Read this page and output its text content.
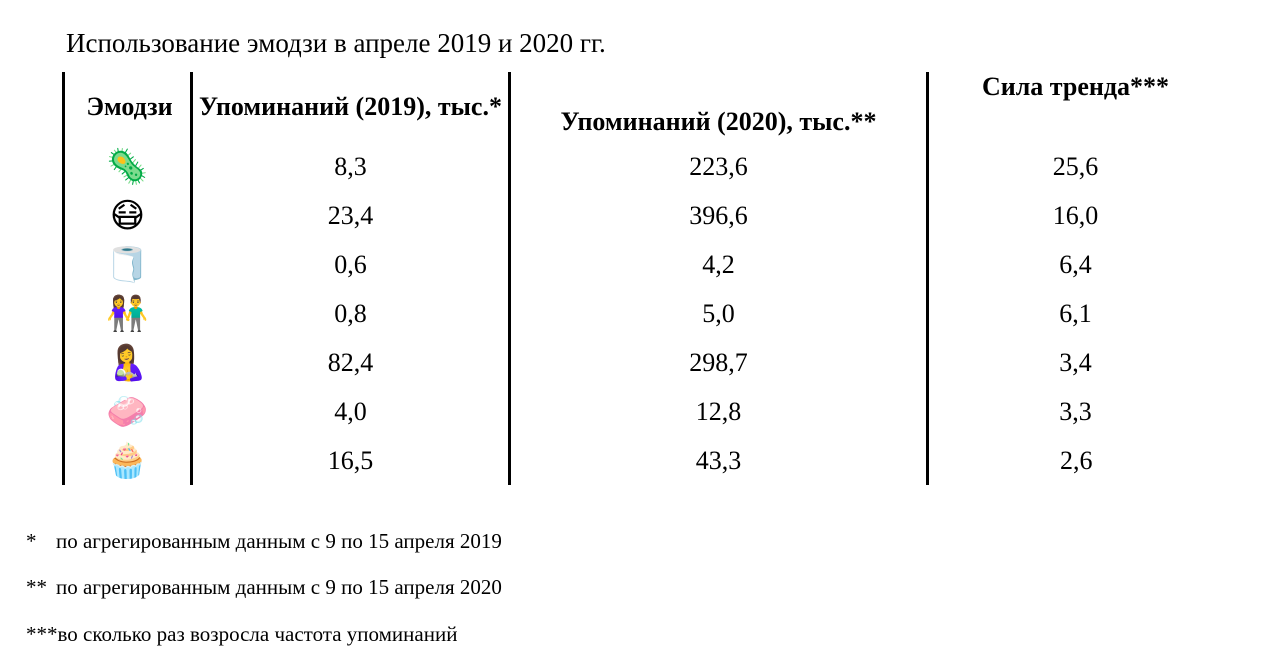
Использование эмодзи в апреле 2019 и 2020 гг.
Эмодзи	Упоминаний (2019), тыс.*	Упоминаний (2020), тыс.**	Сила тренда***
🦠	8,3	223,6	25,6
😷	23,4	396,6	16,0
🧻	0,6	4,2	6,4
👫	0,8	5,0	6,1
🤱	82,4	298,7	3,4
🧼	4,0	12,8	3,3
🧁	16,5	43,3	2,6
* по агрегированным данным с 9 по 15 апреля 2019
** по агрегированным данным с 9 по 15 апреля 2020
***во сколько раз возросла частота упоминаний
